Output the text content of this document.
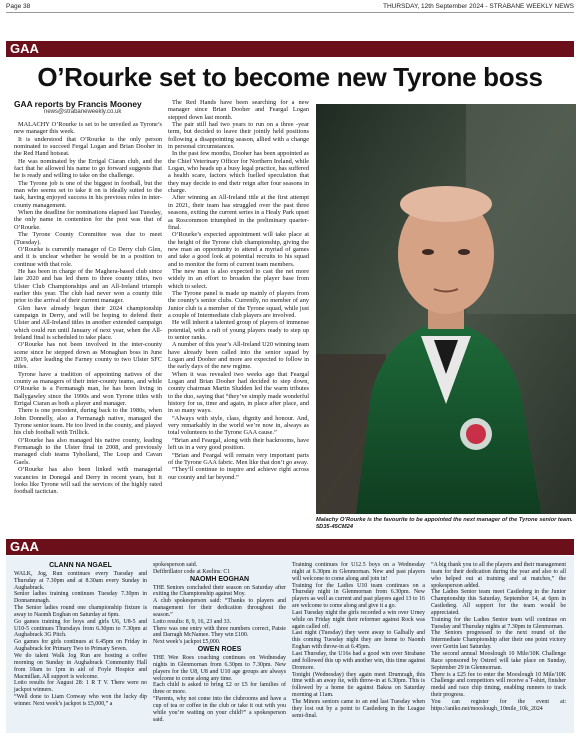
Page 38	THURSDAY, 12th September 2024 - STRABANE WEEKLY NEWS
GAA
O’Rourke set to become new Tyrone boss
GAA reports by Francis Mooney
news@strabaneweekly.co.uk

MALACHY O’Rourke is set to be unveiled as Tyrone’s new manager this week.

It is understood that O’Rourke is the only person nominated to succeed Fergal Logan and Brian Dooher in the Red Hand hotseat.

He was nominated by the Errigal Ciaran club, and the fact that he allowed his name to go forward suggests that he is ready and willing to take on the challenge.

The Tyrone job is one of the biggest in football, but the man who seems set to take it on is ideally suited to the task, having enjoyed success in his previous roles in inter-county management.

When the deadline for nominations elapsed last Tuesday, the only name in contention for the post was that of O’Rourke.

The Tyrone County Committee was due to meet (Tuesday).

O’Rourke is currently manager of Co Derry club Glen, and it is unclear whether he would be in a position to continue with that role.

He has been in charge of the Maghera-based club since late 2020 and has led them to three county titles, two Ulster Club Championships and an All-Ireland triumph earlier this year. The club had never won a county title prior to the arrival of their current manager.

Glen have already begun their 2024 championship campaign in Derry, and will be hoping to defend their Ulster and All-Ireland titles in another extended campaign which could run until January of next year, when the All-Ireland final is scheduled to take place.

O’Rourke has not been involved in the inter-county scene since he stepped down as Monaghan boss in June 2019, after leading the Farney county to two Ulster SFC titles.

Tyrone have a tradition of appointing natives of the county as managers of their inter-county teams, and while O’Rourke is a Fermanagh man, he has been living in Ballygawley since the 1990s and won Tyrone titles with Errigal Ciaran as both a player and manager.

There is one precedent, during back to the 1980s, when John Donnelly, also a Fermanagh native, managed the Tyrone senior team. He too lived in the county, and played his club football with Trillick.

O’Rourke has also managed his native county, leading Fermanagh to the Ulster final in 2008, and previously managed club teams Tyholland, The Loup and Cavan Gaels.

O’Rourke has also been linked with managerial vacancies in Donegal and Derry in recent years, but it looks like Tyrone will sail the services of the highly rated football tactician.

The Red Hands have been searching for a new manager since Brian Dooher and Feargal Logan stepped down last month.

The pair still had two years to run on a three -year term, but decided to leave their jointly held positions following a disappointing season, allied with a change in personal circumstances.

In the past few months, Dooher has been appointed as the Chief Veterinary Officer for Northern Ireland, while Logan, who heads up a busy legal practice, has suffered a health scare, factors which fuelled speculation that they may decide to end their reign after four seasons in charge.

After winning an All-Ireland title at the first attempt in 2021, their team has struggled over the past three seasons, exiting the current series in a Healy Park upset as Roscommon triumphed in the preliminary quarter-final.

O’Rourke’s expected appointment will take place at the height of the Tyrone club championship, giving the new man an opportunity to attend a myriad of games and take a good look at potential recruits to his squad and to monitor the form of current team members.

The new man is also expected to cast the net more widely in an effort to broaden the player base from which to select.

The Tyrone panel is made up mainly of players from the county’s senior clubs. Currently, no member of any Junior club is a member of the Tyrone squad, while just a couple of Intermediate club players are involved.

He will inherit a talented group of players of immense potential, with a raft of young players ready to step up to senior ranks.

A number of this year’s All-Ireland U20 winning team have already been called into the senior squad by Logan and Dooher and more are expected to follow in the early days of the new regime.

When it was revealed two weeks ago that Feargal Logan and Brian Dooher had decided to step down, county chairman Martin Sludden led the warm tributes to the duo, saying that “they’ve simply made wonderful history for us, time and again, in place after place, and in so many ways.

“Always with style, class, dignity and honour. And, very remarkably in the world we’re now in, always as total volunteers to the Tyrone GAA cause.”

“Brian and Feargal, along with their backrooms, have left us in a very good position.

“Brian and Feargal will remain very important parts of the Tyrone GAA fabric. Men like that don’t go away.

“They’ll continue to inspire and achieve right across our county and far beyond.”

Malachy O’Rourke is the favourite to be appointed the next manager of the Tyrone senior team. 5D35-45CM24
GAA
CLANN NA NGAEL

WALK, Jog, Run continues every Tuesday and Thursday at 7.30pm and at 8.30am every Sunday in Aughabrack.

Senior ladies training continues Tuesday 7.30pm in Donnamunagh.

The Senior ladies round one championship fixture is away to Naomh Eoghan on Saturday at 6pm.

Go games training for boys and girls U6, U8-5 and U10-5 continues Thursdays from 6.30pm to 7.30pm at Aughabrack 3G Pitch.

Go games for girls continues at 6.45pm on Friday in Aughabrack for Primary Two to Primary Seven.

We do talent Walk Jog Run are hosting a coffee morning on Sunday in Aughabrack Community Hall from 10am to 1pm in aid of Foyle Hospice and Macmillan. All support is welcome.

Lotto results for August 28: 1 R T V. There were no jackpot winners.

“Well done to Liam Conway who won the lucky dip winner. Next week’s jackpot is £5,000,” a

spokesperson said.

Defibrillator code at Keelins: C1

NAOMH EOGHAN

THE Seniors concluded their season on Saturday after exiting the Championship against Moy.

A club spokesperson said: “Thanks to players and management for their dedication throughout the season.”

Lotto results: 8, 9, 16, 23 and 33.

There was one entry with three numbers correct, Patsie and Darragh McNamee. They win £100.

Next week’s jackpot £5,000.

OWEN ROES

THE Wee Roes coaching continues on Wednesday nights in Glenmornan from 6.30pm to 7.30pm. New players for the U8, U8 and U10 age groups are always welcome to come along any time.

Each child is asked to bring £2 or £5 for families of three or more.

“Parents, why not come into the clubrooms and have a cup of tea or coffee in the club or take it out with you while you’re waiting on your child?” a spokesperson said.

Training continues for U12.5 boys on a Wednesday night at 6.30pm in Glenmornan. New and past players will welcome to come along and join in!

Training for the Ladies U10 team continues on a Thursday night in Glenmornan from 6.30pm. New players as well as current and past players aged 13 to 16 are welcome to come along and give it a go.

Last Tuesday night the girls recorded a win over Urney while on Friday night their reformer against Rock was again called off.

Last night (Tuesday) they were away to Galbally and this coming Tuesday night they are home to Naomh Eoghan with throw-in at 6.45pm.

Last Thursday, the U16s had a good win over Strabane and followed this up with another win, this time against Dromore.

Tonight (Wednesday) they again meet Drumragh, this time with an away tie, with throw-in at 6.30pm. This is followed by a home tie against Bakoa on Saturday morning at 11am.

The Minors seniors came to an end last Tuesday when they lost out by a point to Castlederg in the League semi-final.

“A big thank you to all the players and their management team for their dedication during the year and also to all who helped out at training and at matches,” the spokesperson added.

The Ladies Senior team meet Castlederg in the Junior Championship this Saturday, September 14, at 6pm in Castlederg. All support for the team would be appreciated.

Training for the Ladies Senior team will continue on Tuesday and Thursday nights at 7.30pm in Glenmornan.

The Seniors progressed to the next round of the Intermediate Championship after their one point victory over Gortin last Saturday.

The second annual Mooslough 10 Mile/10K Challenge Race sponsored by Ostrerl will take place on Sunday, September 29 in Glenmornan.

There is a £25 fee to enter the Mooslough 10 Mile/10K Challenge and competitors will receive a T-shirt, finisher medal and race chip timing, enabling runners to track their progress.

You can register for the event at: https://aniko.net/mooslough_10mile_10k_2024
